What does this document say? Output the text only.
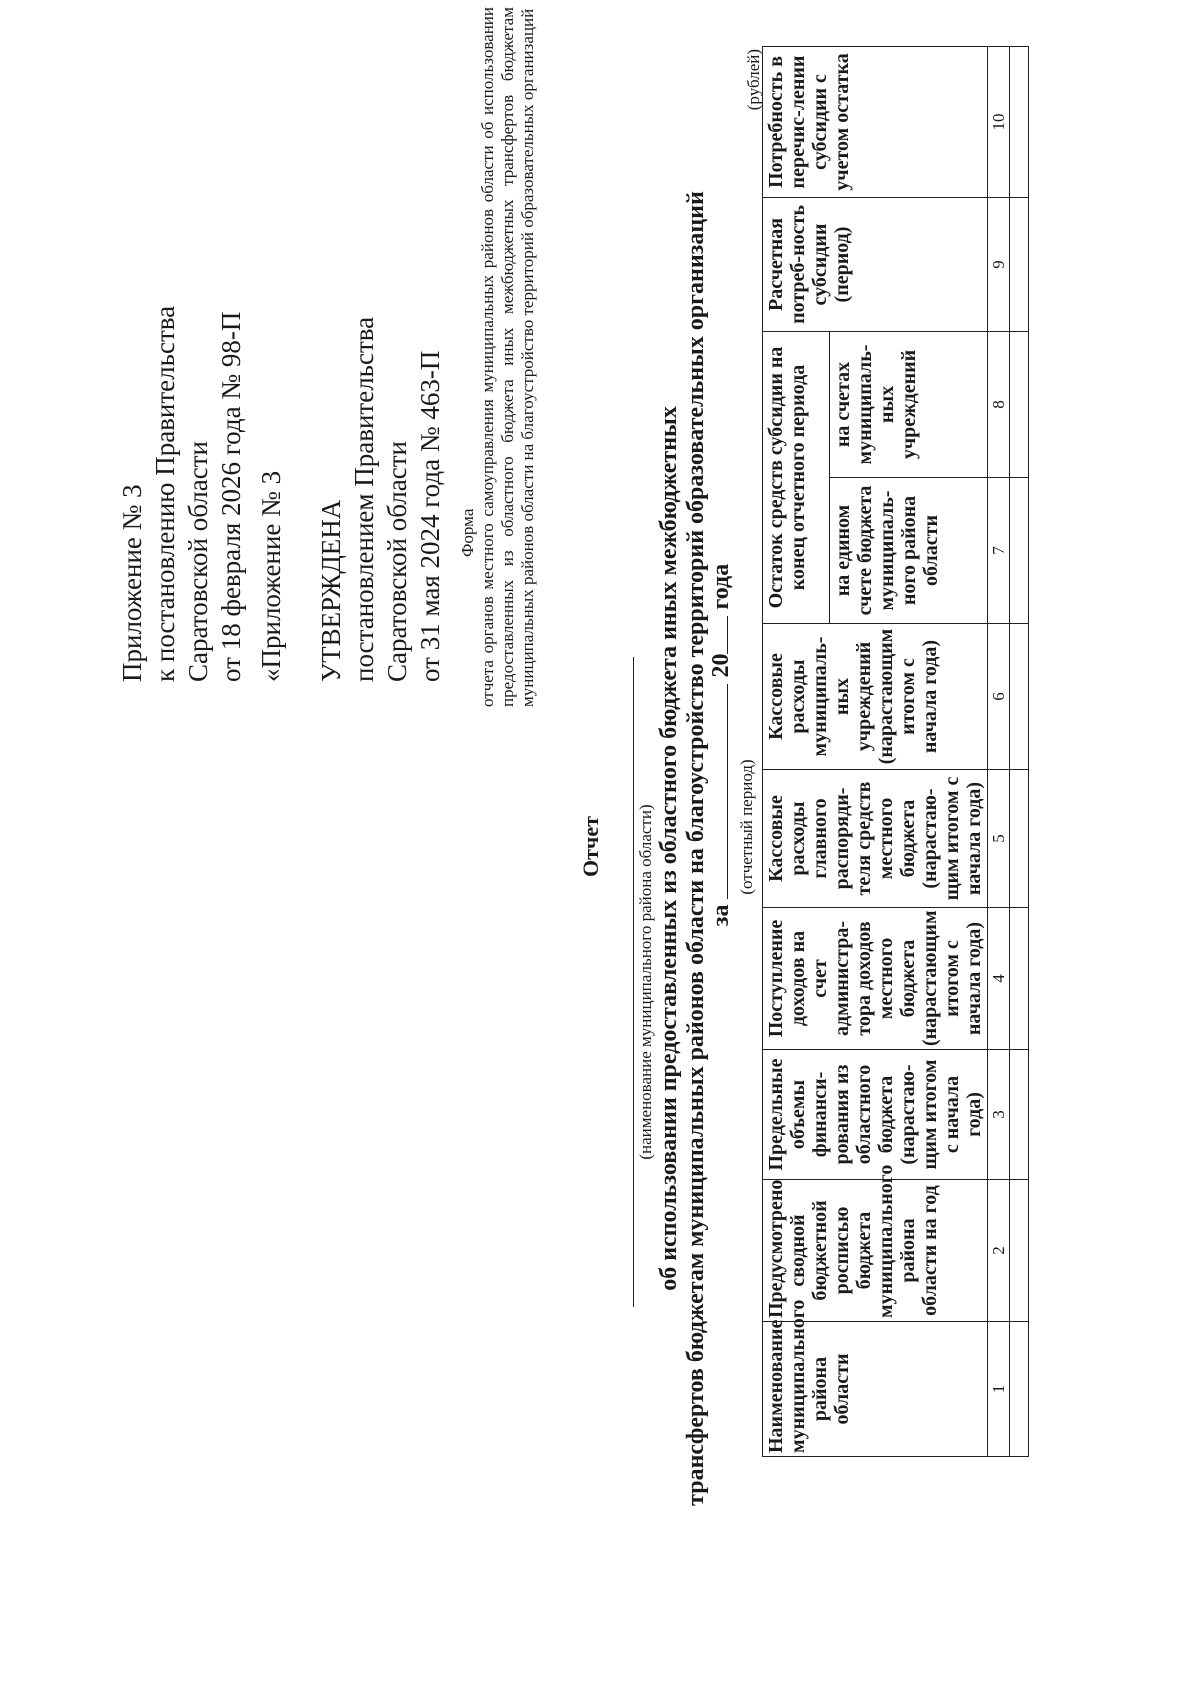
Приложение № 3 к постановлению Правительства Саратовской области от 18 февраля 2026 года № 98-П «Приложение № 3 УТВЕРЖДЕНА постановлением Правительства Саратовской области от 31 мая 2024 года № 463-П Форма отчета органов местного самоуправления муниципальных районов области об использовании предоставленных из областного бюджета иных межбюджетных трансфертов бюджетам муниципальных районов области на благоустройство территорий образовательных организаций
Отчет (наименование муниципального района области) об использовании предоставленных из областного бюджета иных межбюджетных трансфертов бюджетам муниципальных районов области на благоустройство территорий образовательных организаций за  20 года
(отчетный период)
(рублей)
Наименование муниципального района области	Предусмотрено сводной бюджетной росписью бюджета муниципального района области на год	Предельные объемы финанси-рования из областного бюджета (нарастаю-щим итогом с начала года)	Поступление доходов на счет администра-тора доходов местного бюджета (нарастающим итогом с начала года)	Кассовые расходы главного распоряди-теля средств местного бюджета (нарастаю-щим итогом с начала года)	Кассовые расходы муниципаль-ных учреждений (нарастающим итогом с начала года)	Остаток средств субсидии на конец отчетного периода		Расчетная потреб-ность субсидии (период)	Потребность в перечис-лении субсидии с учетом остатка
						на едином счете бюджета муниципаль-ного района области	на счетах муниципаль-ных учреждений		
1	2	3	4	5	6	7	8	9	10
